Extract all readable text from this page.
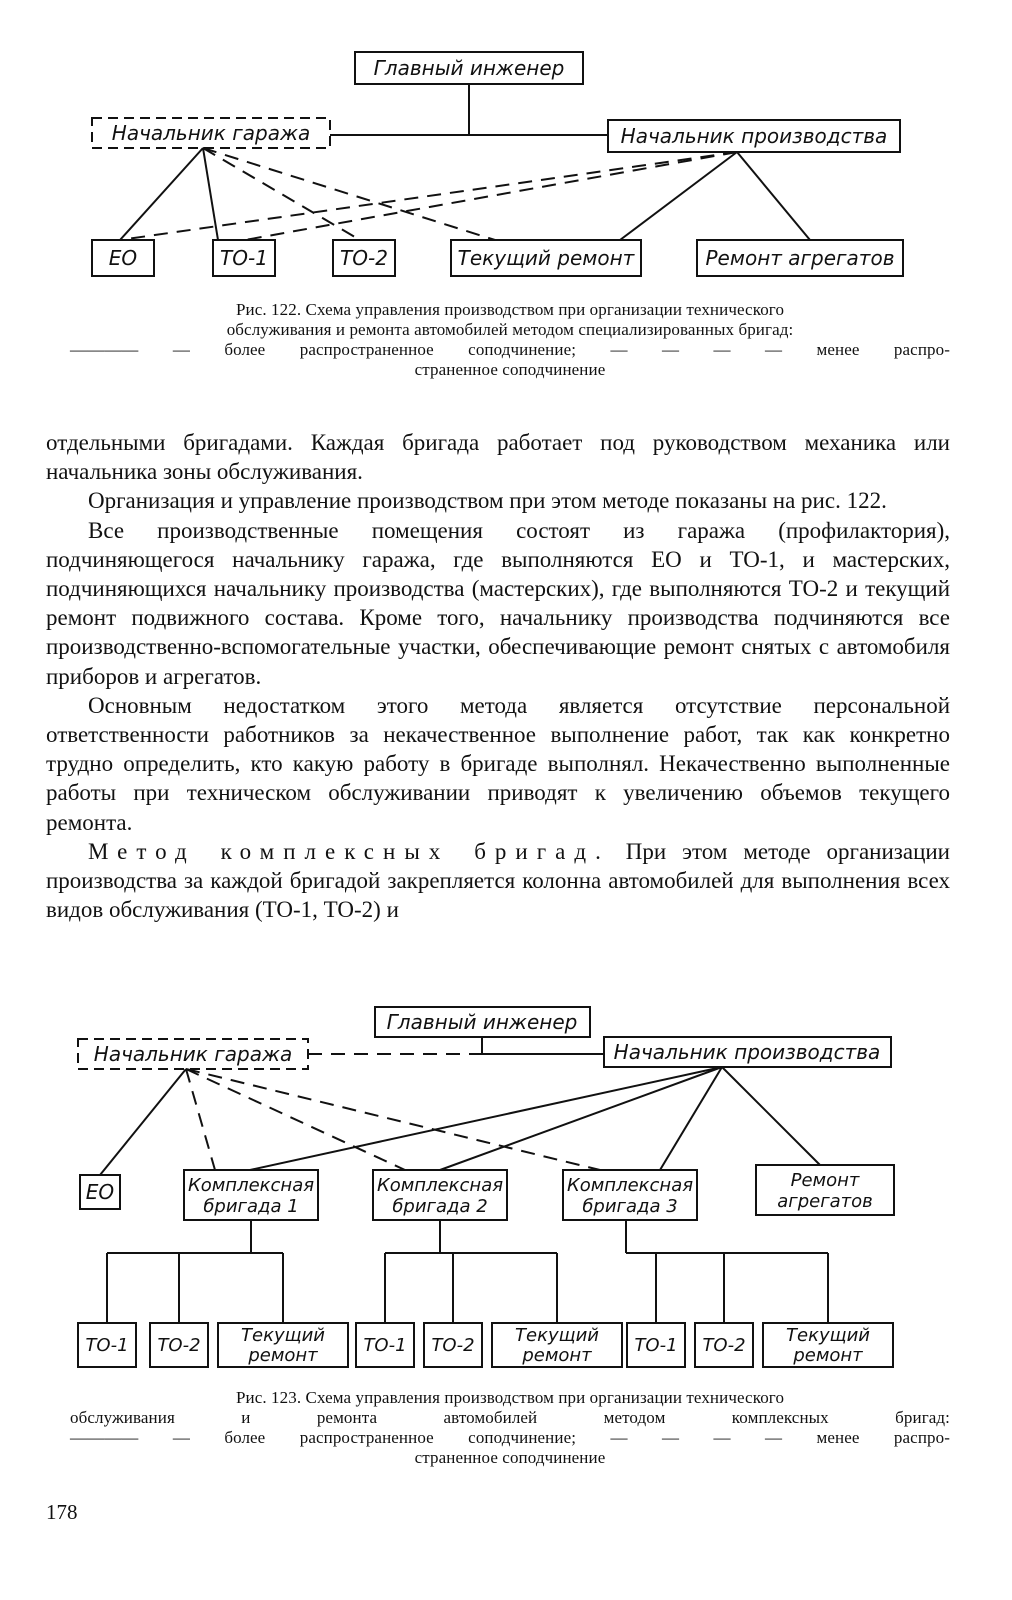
Главный инженер
Начальник гаража	Начальник производства
ЕО	ТО-1	ТО-2	Текущий ремонт	Ремонт агрегатов
Рис. 122. Схема управления производством при организации технического
обслуживания и ремонта автомобилей методом специализированных бригад:
———— — более распространенное соподчинение; — — — — менее распро-
страненное соподчинение

отдельными бригадами. Каждая бригада работает под руководством механика или начальника зоны обслуживания.

Организация и управление производством при этом методе показаны на рис. 122.

Все производственные помещения состоят из гаража (профилактория), подчиняющегося начальнику гаража, где выполняются ЕО и ТО-1, и мастерских, подчиняющихся начальнику производства (мастерских), где выполняются ТО-2 и текущий ремонт подвижного состава. Кроме того, начальнику производства подчиняются все производственно-вспомогательные участки, обеспечивающие ремонт снятых с автомобиля приборов и агрегатов.

Основным недостатком этого метода является отсутствие персональной ответственности работников за некачественное выполнение работ, так как конкретно трудно определить, кто какую работу в бригаде выполнял. Некачественно выполненные работы при техническом обслуживании приводят к увеличению объемов текущего ремонта.

Метод комплексных бригад. При этом методе организации производства за каждой бригадой закрепляется колонна автомобилей для выполнения всех видов обслуживания (ТО-1, ТО-2) и

Главный инженер
Начальник гаража	Начальник производства
ЕО	Комплексная
бригада 1
Комплексная
бригада 2
Комплексная
бригада 3
Ремонт
агрегатов
ТО-1 ТО-2 Текущий
ремонт	ТО-1 ТО-2 Текущий
ремонт ТО-1 ТО-2 Текущий
ремонт
Рис. 123. Схема управления производством при организации технического
обслуживания и ремонта автомобилей методом комплексных бригад:
———— — более распространенное соподчинение; — — — — менее распро-
страненное соподчинение
178
